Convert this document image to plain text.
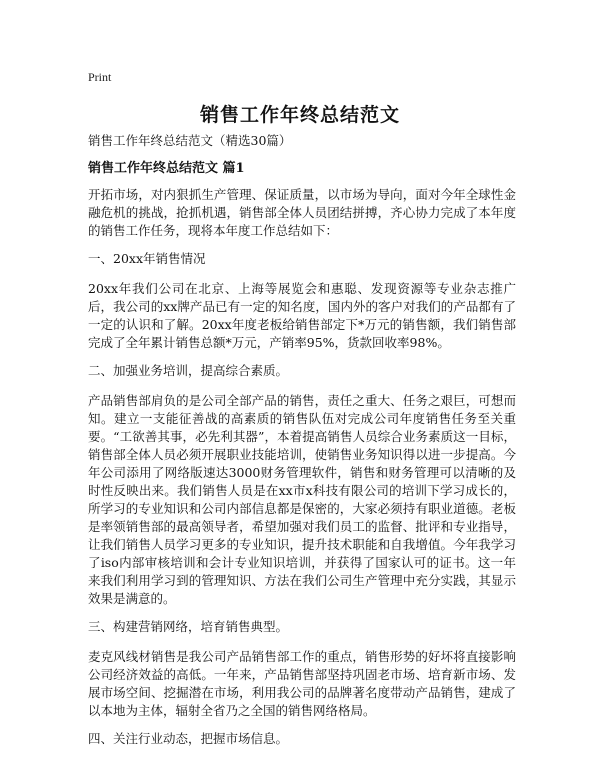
Print
销售工作年终总结范文

销售工作年终总结范文（精选30篇）

销售工作年终总结范文 篇1

开拓市场，对内狠抓生产管理、保证质量，以市场为导向，面对今年全球性金融危机的挑战，抢抓机遇，销售部全体人员团结拼搏，齐心协力完成了本年度的销售工作任务，现将本年度工作总结如下：

一、20xx年销售情况

20xx年我们公司在北京、上海等展览会和惠聪、发现资源等专业杂志推广后，我公司的xx牌产品已有一定的知名度，国内外的客户对我们的产品都有了一定的认识和了解。20xx年度老板给销售部定下*万元的销售额，我们销售部完成了全年累计销售总额*万元，产销率95%，货款回收率98%。

二、加强业务培训，提高综合素质。

产品销售部肩负的是公司全部产品的销售，责任之重大、任务之艰巨，可想而知。建立一支能征善战的高素质的销售队伍对完成公司年度销售任务至关重要。“工欲善其事，必先利其器”，本着提高销售人员综合业务素质这一目标，销售部全体人员必须开展职业技能培训，使销售业务知识得以进一步提高。今年公司添用了网络版速达3000财务管理软件，销售和财务管理可以清晰的及时性反映出来。我们销售人员是在xx市x科技有限公司的培训下学习成长的，所学习的专业知识和公司内部信息都是保密的，大家必须持有职业道德。老板是率领销售部的最高领导者，希望加强对我们员工的监督、批评和专业指导，让我们销售人员学习更多的专业知识，提升技术职能和自我增值。今年我学习了iso内部审核培训和会计专业知识培训，并获得了国家认可的证书。这一年来我们利用学习到的管理知识、方法在我们公司生产管理中充分实践，其显示效果是满意的。

三、构建营销网络，培育销售典型。

麦克风线材销售是我公司产品销售部工作的重点，销售形势的好坏将直接影响公司经济效益的高低。一年来，产品销售部坚持巩固老市场、培育新市场、发展市场空间、挖掘潜在市场，利用我公司的品牌著名度带动产品销售，建成了以本地为主体，辐射全省乃之全国的销售网络格局。

四、关注行业动态，把握市场信息。
